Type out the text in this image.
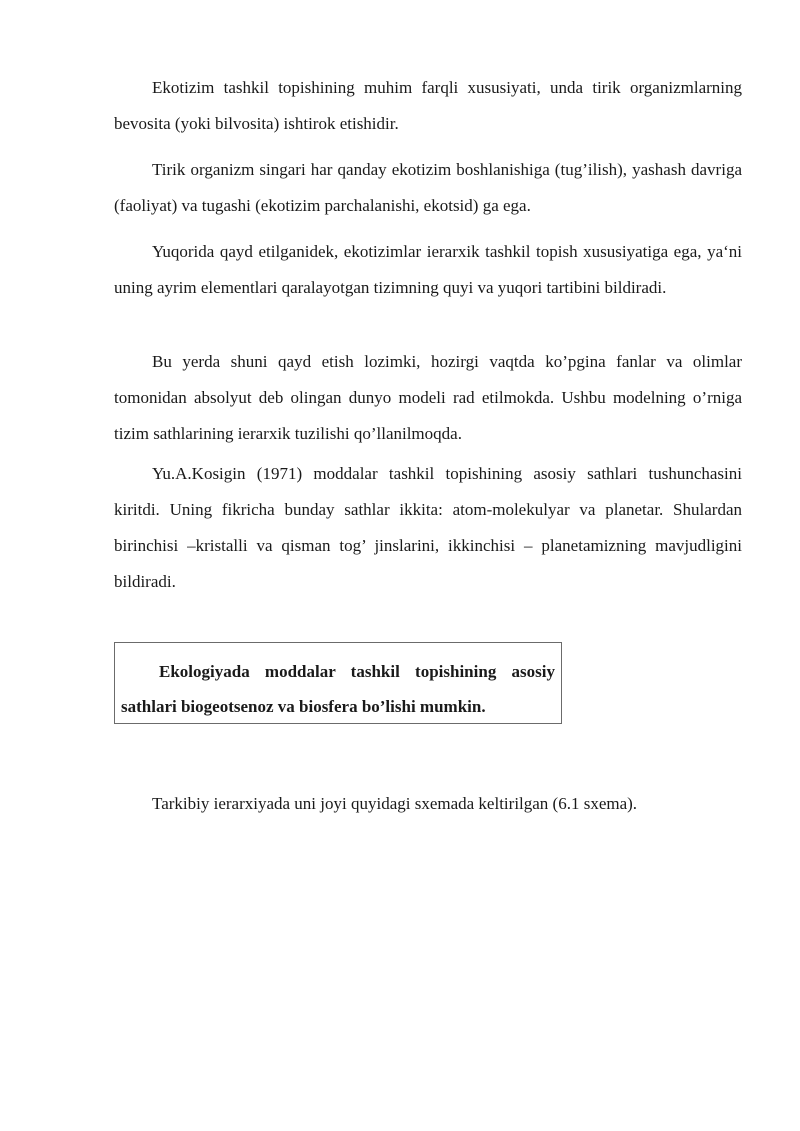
Ekotizim tashkil topishining muhim farqli xususiyati, unda tirik organizmlarning bevosita (yoki bilvosita) ishtirok etishidir.

Tirik organizm singari har qanday ekotizim boshlanishiga (tug’ilish), yashash davriga (faoliyat) va tugashi (ekotizim parchalanishi, ekotsid) ga ega.

Yuqorida qayd etilganidek, ekotizimlar ierarxik tashkil topish xususiyatiga ega, ya‘ni uning ayrim elementlari qaralayotgan tizimning quyi va yuqori tartibini bildiradi.

Bu yerda shuni qayd etish lozimki, hozirgi vaqtda ko’pgina fanlar va olimlar tomonidan absolyut deb olingan dunyo modeli rad etilmokda. Ushbu modelning o’rniga tizim sathlarining ierarxik tuzilishi qo’llanilmoqda.

Yu.A.Kosigin (1971) moddalar tashkil topishining asosiy sathlari tushunchasini kiritdi. Uning fikricha bunday sathlar ikkita: atom-molekulyar va planetar. Shulardan birinchisi –kristalli va qisman tog’ jinslarini, ikkinchisi – planetamizning mavjudligini bildiradi.

Ekologiyada moddalar tashkil topishining asosiy sathlari biogeotsenoz va biosfera bo’lishi mumkin.

Tarkibiy ierarxiyada uni joyi quyidagi sxemada keltirilgan (6.1 sxema).
